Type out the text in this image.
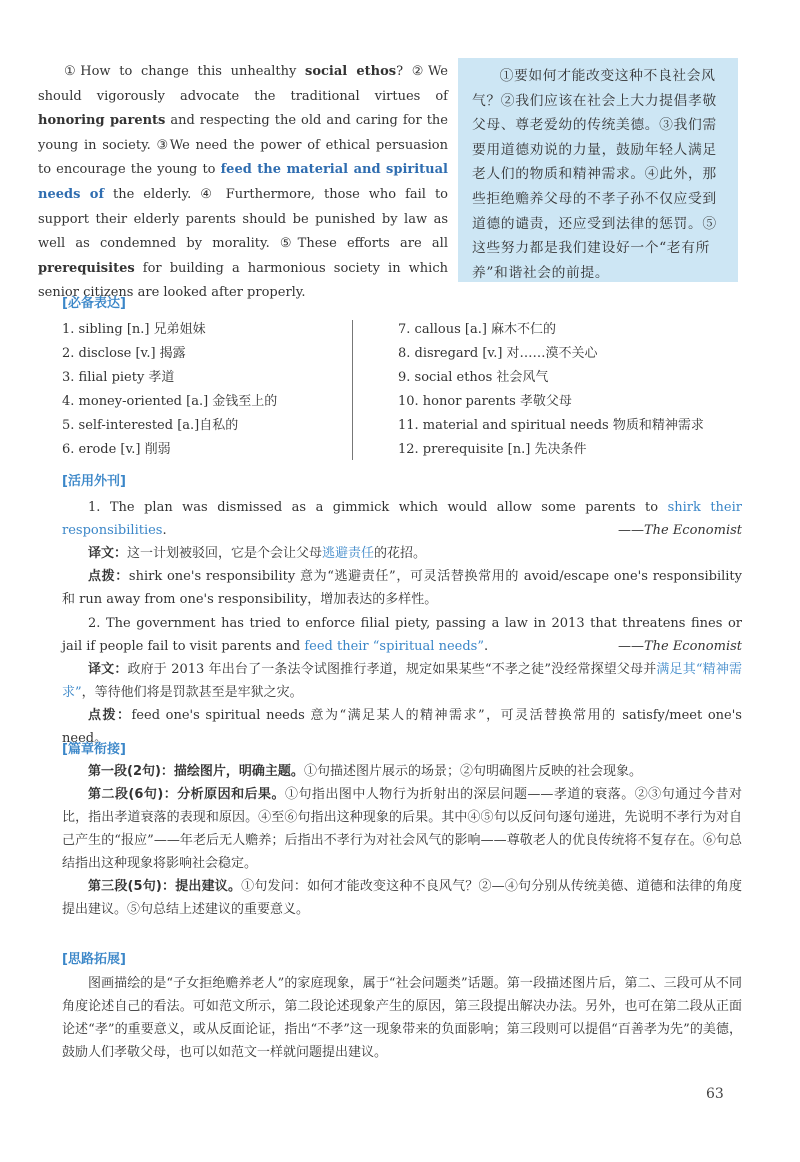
①How to change this unhealthy social ethos? ②We should vigorously advocate the traditional virtues of honoring parents and respecting the old and caring for the young in society. ③We need the power of ethical persuasion to encourage the young to feed the material and spiritual needs of the elderly. ④ Furthermore, those who fail to support their elderly parents should be punished by law as well as condemned by morality. ⑤These efforts are all prerequisites for building a harmonious society in which senior citizens are looked after properly.
①要如何才能改变这种不良社会风气？②我们应该在社会上大力提倡孝敬父母、尊老爱幼的传统美德。③我们需要用道德劝说的力量，鼓励年轻人满足老人们的物质和精神需求。④此外，那些拒绝赡养父母的不孝子孙不仅应受到道德的谴责，还应受到法律的惩罚。⑤这些努力都是我们建设好一个“老有所养”和谐社会的前提。
[必备表达]
1. sibling [n.] 兄弟姐妹
2. disclose [v.] 揭露
3. filial piety 孝道
4. money-oriented [a.] 金钱至上的
5. self-interested [a.]自私的
6. erode [v.] 削弱
7. callous [a.] 麻木不仁的
8. disregard [v.] 对……漠不关心
9. social ethos 社会风气
10. honor parents 孝敬父母
11. material and spiritual needs 物质和精神需求
12. prerequisite [n.] 先决条件
[活用外刊]
1. The plan was dismissed as a gimmick which would allow some parents to shirk their responsibilities.	——The Economist
译文：这一计划被驳回，它是个会让父母逃避责任的花招。
点拨：shirk one's responsibility 意为“逃避责任”，可灵活替换常用的 avoid/escape one's responsibility 和 run away from one's responsibility，增加表达的多样性。
2. The government has tried to enforce filial piety, passing a law in 2013 that threatens fines or jail if people fail to visit parents and feed their “spiritual needs”.	——The Economist
译文：政府于 2013 年出台了一条法令试图推行孝道，规定如果某些“不孝之徒”没经常探望父母并满足其“精神需求”，等待他们将是罚款甚至是牢狱之灾。
点拨：feed one's spiritual needs 意为“满足某人的精神需求”，可灵活替换常用的 satisfy/meet one's need。
[篇章衔接]
第一段(2句)：描绘图片，明确主题。①句描述图片展示的场景；②句明确图片反映的社会现象。
第二段(6句)：分析原因和后果。①句指出图中人物行为折射出的深层问题——孝道的衰落。②③句通过今昔对比，指出孝道衰落的表现和原因。④至⑥句指出这种现象的后果。其中④⑤句以反问句逐句递进，先说明不孝行为对自己产生的“报应”——年老后无人赡养；后指出不孝行为对社会风气的影响——尊敬老人的优良传统将不复存在。⑥句总结指出这种现象将影响社会稳定。
第三段(5句)：提出建议。①句发问：如何才能改变这种不良风气？②—④句分别从传统美德、道德和法律的角度提出建议。⑤句总结上述建议的重要意义。
[思路拓展]
图画描绘的是“子女拒绝赡养老人”的家庭现象，属于“社会问题类”话题。第一段描述图片后，第二、三段可从不同角度论述自己的看法。可如范文所示，第二段论述现象产生的原因，第三段提出解决办法。另外，也可在第二段从正面论述“孝”的重要意义，或从反面论证，指出“不孝”这一现象带来的负面影响；第三段则可以提倡“百善孝为先”的美德，鼓励人们孝敬父母，也可以如范文一样就问题提出建议。
63
